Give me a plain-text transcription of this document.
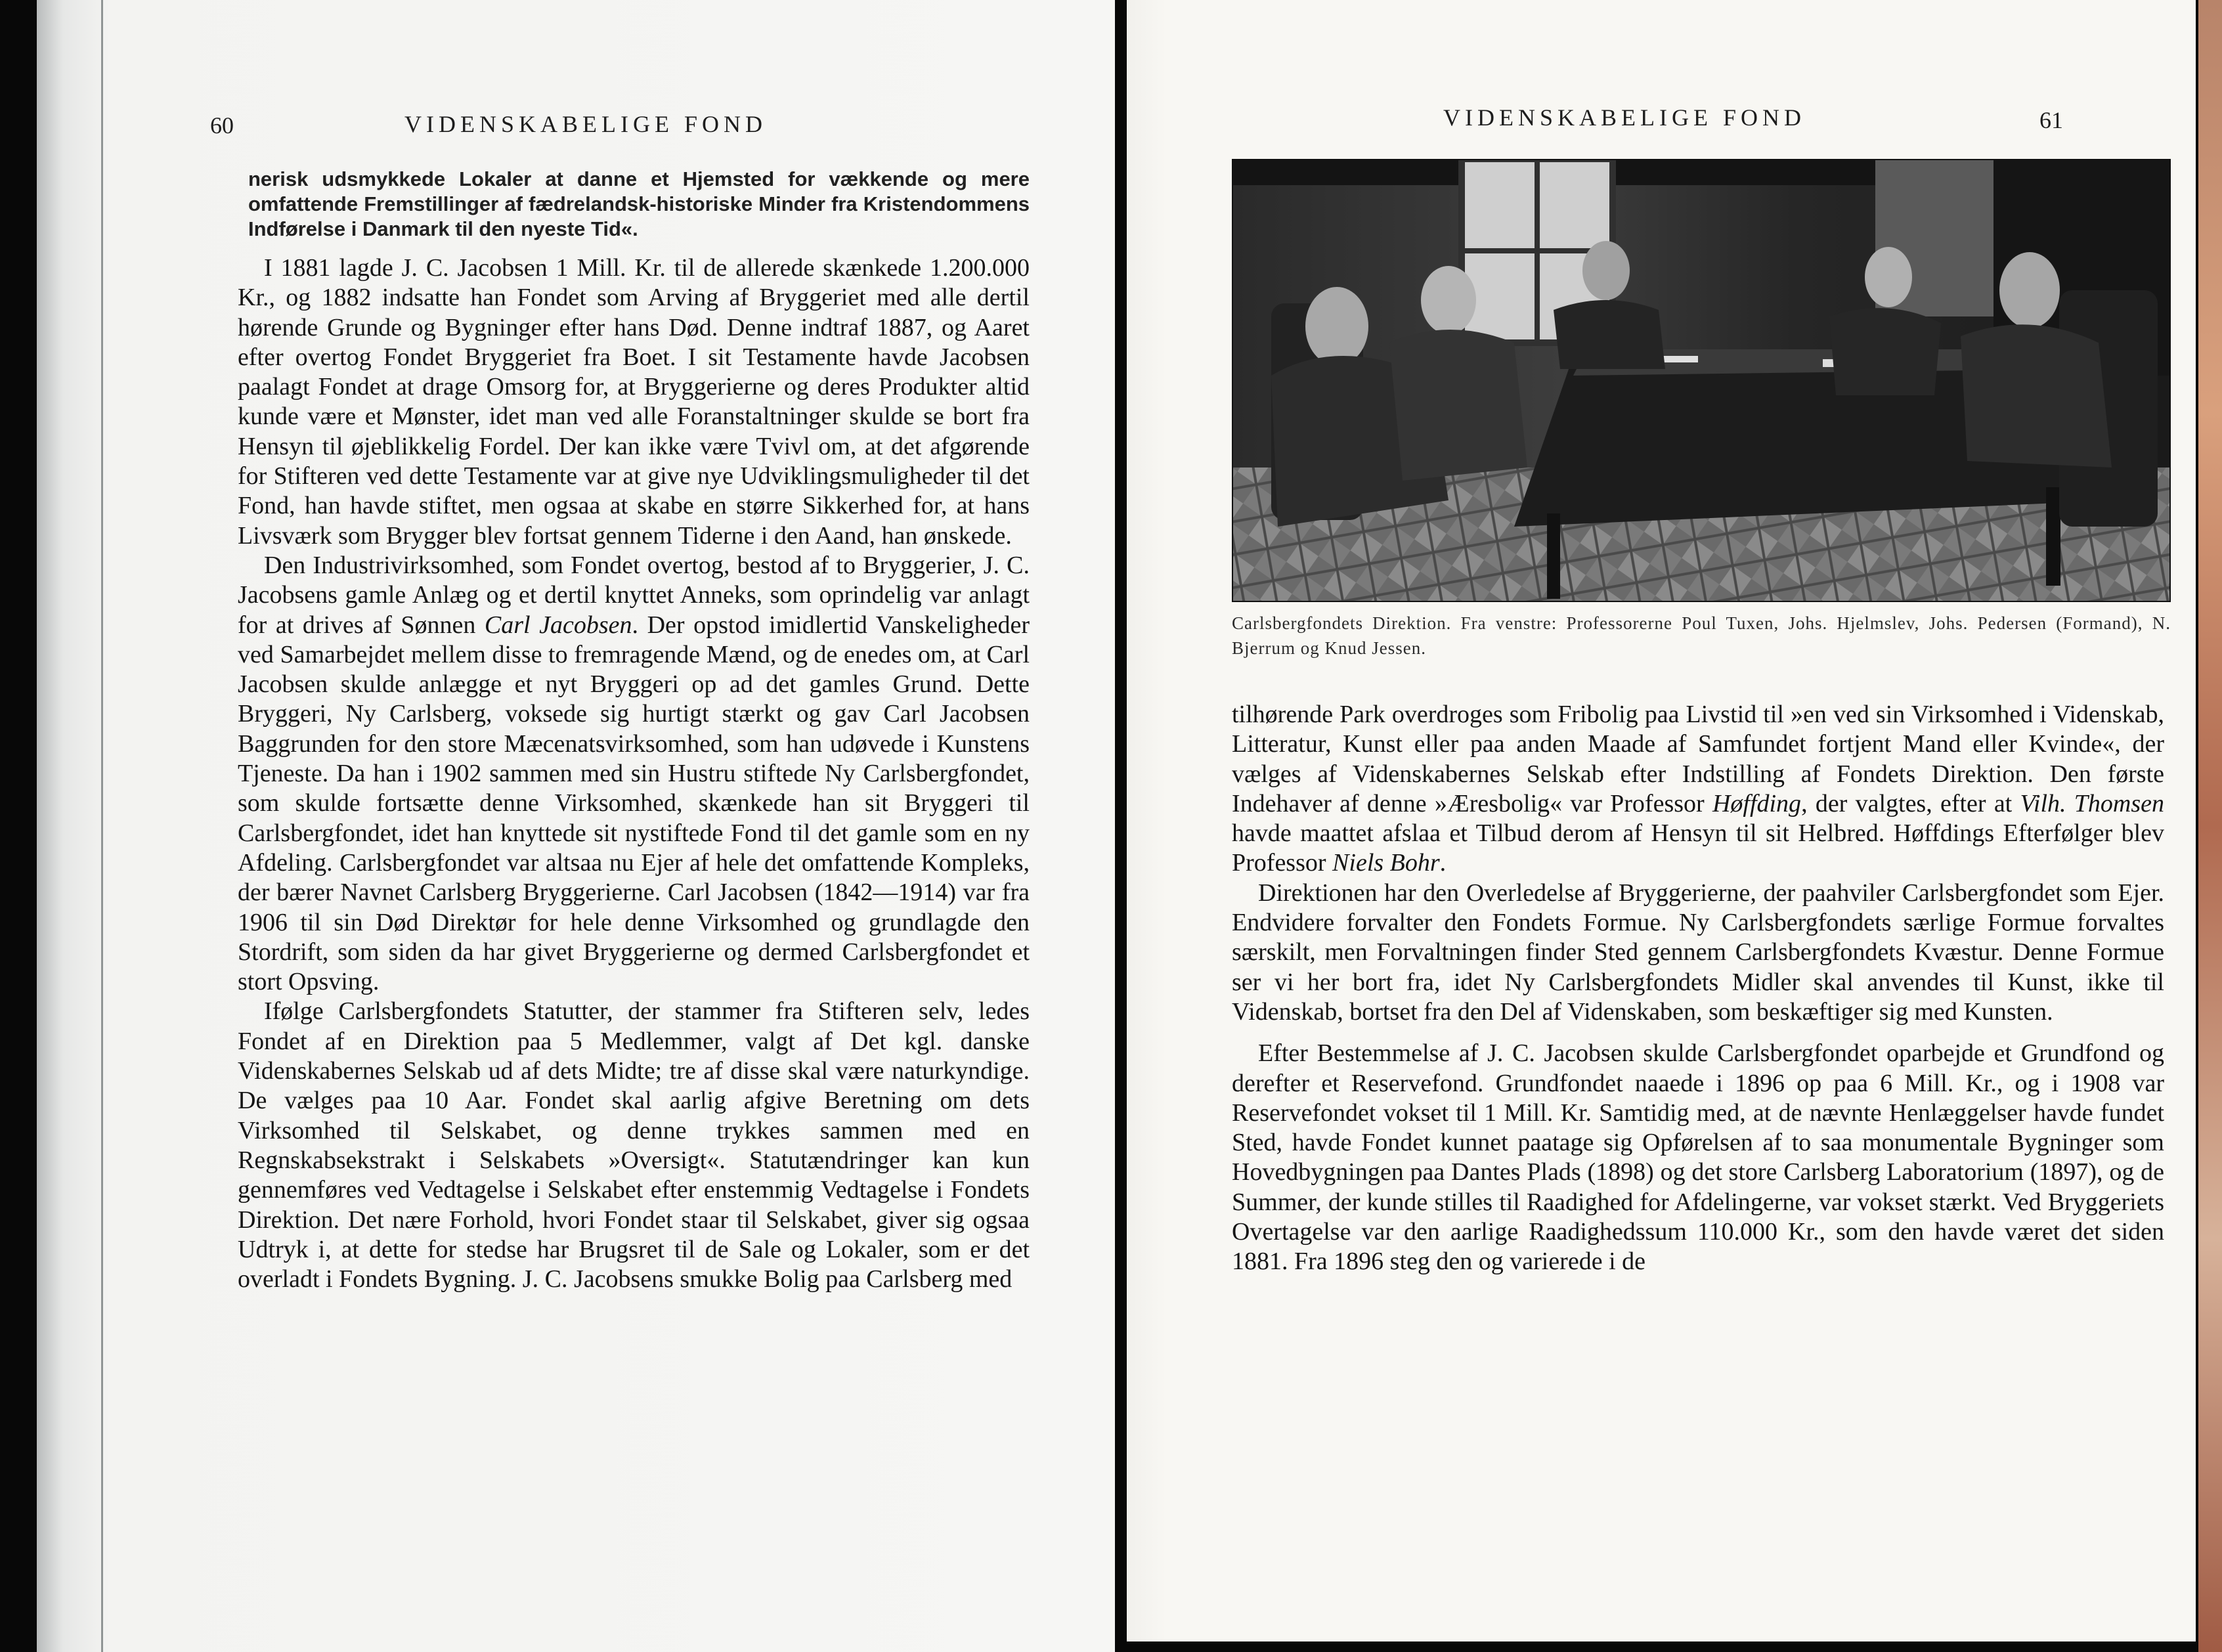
60	VIDENSKABELIGE FOND

nerisk udsmykkede Lokaler at danne et Hjemsted for vækkende og mere omfattende Fremstillinger af fædrelandsk-historiske Minder fra Kristendommens Indførelse i Danmark til den nyeste Tid«.

I 1881 lagde J. C. Jacobsen 1 Mill. Kr. til de allerede skænkede 1.200.000 Kr., og 1882 indsatte han Fondet som Arving af Bryggeriet med alle dertil hørende Grunde og Bygninger efter hans Død. Denne indtraf 1887, og Aaret efter overtog Fondet Bryggeriet fra Boet. I sit Testamente havde Jacobsen paalagt Fondet at drage Omsorg for, at Bryggerierne og deres Produkter altid kunde være et Mønster, idet man ved alle Foranstaltninger skulde se bort fra Hensyn til øjeblikkelig Fordel. Der kan ikke være Tvivl om, at det afgørende for Stifteren ved dette Testamente var at give nye Udviklingsmuligheder til det Fond, han havde stiftet, men ogsaa at skabe en større Sikkerhed for, at hans Livsværk som Brygger blev fortsat gennem Tiderne i den Aand, han ønskede.

Den Industrivirksomhed, som Fondet overtog, bestod af to Bryggerier, J. C. Jacobsens gamle Anlæg og et dertil knyttet Anneks, som oprindelig var anlagt for at drives af Sønnen Carl Jacobsen. Der opstod imidlertid Vanskeligheder ved Samarbejdet mellem disse to fremragende Mænd, og de enedes om, at Carl Jacobsen skulde anlægge et nyt Bryggeri op ad det gamles Grund. Dette Bryggeri, Ny Carlsberg, voksede sig hurtigt stærkt og gav Carl Jacobsen Baggrunden for den store Mæcenatsvirksomhed, som han udøvede i Kunstens Tjeneste. Da han i 1902 sammen med sin Hustru stiftede Ny Carlsbergfondet, som skulde fortsætte denne Virksomhed, skænkede han sit Bryggeri til Carlsbergfondet, idet han knyttede sit nystiftede Fond til det gamle som en ny Afdeling. Carlsbergfondet var altsaa nu Ejer af hele det omfattende Kompleks, der bærer Navnet Carlsberg Bryggerierne. Carl Jacobsen (1842—1914) var fra 1906 til sin Død Direktør for hele denne Virksomhed og grundlagde den Stordrift, som siden da har givet Bryggerierne og dermed Carlsbergfondet et stort Opsving.

Ifølge Carlsbergfondets Statutter, der stammer fra Stifteren selv, ledes Fondet af en Direktion paa 5 Medlemmer, valgt af Det kgl. danske Videnskabernes Selskab ud af dets Midte; tre af disse skal være naturkyndige. De vælges paa 10 Aar. Fondet skal aarlig afgive Beretning om dets Virksomhed til Selskabet, og denne trykkes sammen med en Regnskabsekstrakt i Selskabets »Oversigt«. Statutændringer kan kun gennemføres ved Vedtagelse i Selskabet efter enstemmig Vedtagelse i Fondets Direktion. Det nære Forhold, hvori Fondet staar til Selskabet, giver sig ogsaa Udtryk i, at dette for stedse har Brugsret til de Sale og Lokaler, som er det overladt i Fondets Bygning. J. C. Jacobsens smukke Bolig paa Carlsberg med

VIDENSKABELIGE FOND	61

Carlsbergfondets Direktion. Fra venstre: Professorerne Poul Tuxen, Johs. Hjelmslev, Johs. Pedersen (Formand), N. Bjerrum og Knud Jessen.

tilhørende Park overdroges som Fribolig paa Livstid til »en ved sin Virksomhed i Videnskab, Litteratur, Kunst eller paa anden Maade af Samfundet fortjent Mand eller Kvinde«, der vælges af Videnskabernes Selskab efter Indstilling af Fondets Direktion. Den første Indehaver af denne »Æresbolig« var Professor Høffding, der valgtes, efter at Vilh. Thomsen havde maattet afslaa et Tilbud derom af Hensyn til sit Helbred. Høffdings Efterfølger blev Professor Niels Bohr.

Direktionen har den Overledelse af Bryggerierne, der paahviler Carlsbergfondet som Ejer. Endvidere forvalter den Fondets Formue. Ny Carlsbergfondets særlige Formue forvaltes særskilt, men Forvaltningen finder Sted gennem Carlsbergfondets Kvæstur. Denne Formue ser vi her bort fra, idet Ny Carlsbergfondets Midler skal anvendes til Kunst, ikke til Videnskab, bortset fra den Del af Videnskaben, som beskæftiger sig med Kunsten.

Efter Bestemmelse af J. C. Jacobsen skulde Carlsbergfondet oparbejde et Grundfond og derefter et Reservefond. Grundfondet naaede i 1896 op paa 6 Mill. Kr., og i 1908 var Reservefondet vokset til 1 Mill. Kr. Samtidig med, at de nævnte Henlæggelser havde fundet Sted, havde Fondet kunnet paatage sig Opførelsen af to saa monumentale Bygninger som Hovedbygningen paa Dantes Plads (1898) og det store Carlsberg Laboratorium (1897), og de Summer, der kunde stilles til Raadighed for Afdelingerne, var vokset stærkt. Ved Bryggeriets Overtagelse var den aarlige Raadighedssum 110.000 Kr., som den havde været det siden 1881. Fra 1896 steg den og varierede i de
